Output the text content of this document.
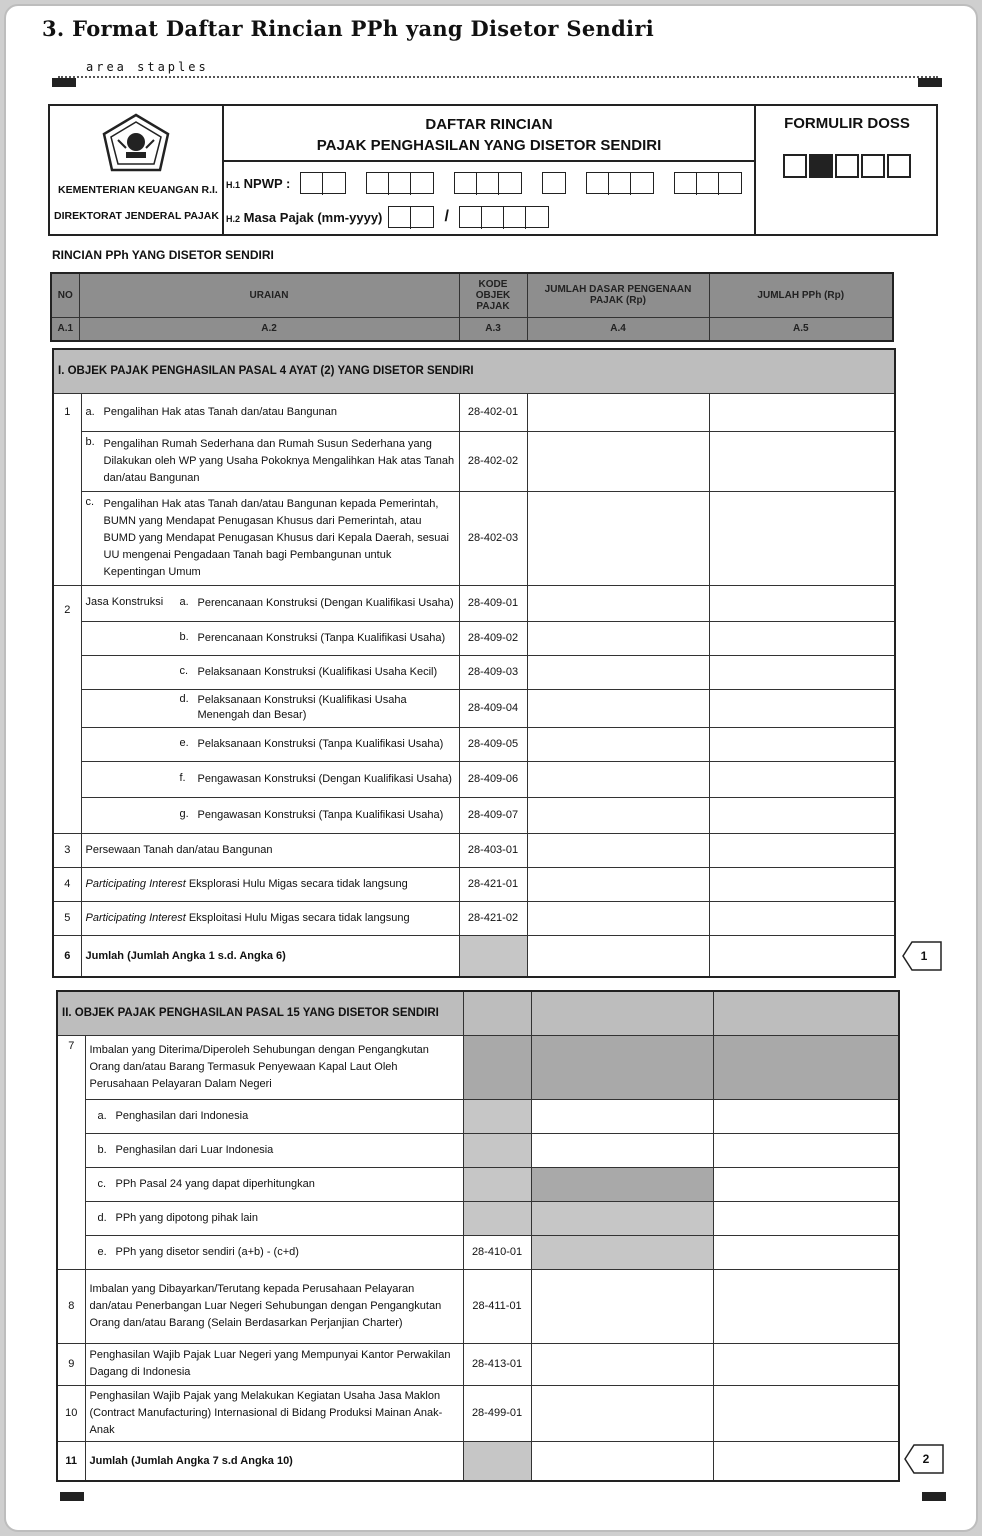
3. Format Daftar Rincian PPh yang Disetor Sendiri
area staples
KEMENTERIAN KEUANGAN R.I.
DIREKTORAT JENDERAL PAJAK
DAFTAR RINCIAN
PAJAK PENGHASILAN YANG DISETOR SENDIRI
H.1 NPWP :
H.2 Masa Pajak (mm-yyyy)	/
FORMULIR DOSS
RINCIAN PPh YANG DISETOR SENDIRI
NO	URAIAN	KODE OBJEK PAJAK	JUMLAH DASAR PENGENAAN PAJAK (Rp)	JUMLAH PPh (Rp)
A.1	A.2	A.3	A.4	A.5
I. OBJEK PAJAK PENGHASILAN PASAL 4 AYAT (2) YANG DISETOR SENDIRI				
1	a. Pengalihan Hak atas Tanah dan/atau Bangunan	28-402-01		

	b. Pengalihan Rumah Sederhana dan Rumah Susun Sederhana yang Dilakukan oleh WP yang Usaha Pokoknya Mengalihkan Hak atas Tanah dan/atau Bangunan	28-402-02		

	c. Pengalihan Hak atas Tanah dan/atau Bangunan kepada Pemerintah, BUMN yang Mendapat Penugasan Khusus dari Pemerintah, atau BUMD yang Mendapat Penugasan Khusus dari Kepala Daerah, sesuai UU mengenai Pengadaan Tanah bagi Pembangunan untuk Kepentingan Umum	28-402-03		
2	Jasa Konstruksi a. Perencanaan Konstruksi (Dengan Kualifikasi Usaha)	28-409-01		

	b. Perencanaan Konstruksi (Tanpa Kualifikasi Usaha)	28-409-02		

	c. Pelaksanaan Konstruksi (Kualifikasi Usaha Kecil)	28-409-03		

	d. Pelaksanaan Konstruksi (Kualifikasi Usaha Menengah dan Besar)	28-409-04		

	e. Pelaksanaan Konstruksi (Tanpa Kualifikasi Usaha)	28-409-05		

	f. Pengawasan Konstruksi (Dengan Kualifikasi Usaha)	28-409-06		

	g. Pengawasan Konstruksi (Tanpa Kualifikasi Usaha)	28-409-07		
3	Persewaan Tanah dan/atau Bangunan	28-403-01		
4	Participating Interest Eksplorasi Hulu Migas secara tidak langsung	28-421-01		
5	Participating Interest Eksploitasi Hulu Migas secara tidak langsung	28-421-02		
6	Jumlah (Jumlah Angka 1 s.d. Angka 6)				1
II. OBJEK PAJAK PENGHASILAN PASAL 15 YANG DISETOR SENDIRI				
7	Imbalan yang Diterima/Diperoleh Sehubungan dengan Pengangkutan Orang dan/atau Barang Termasuk Penyewaan Kapal Laut Oleh Perusahaan Pelayaran Dalam Negeri			
	a. Penghasilan dari Indonesia			
	b. Penghasilan dari Luar Indonesia			
	c. PPh Pasal 24 yang dapat diperhitungkan			
	d. PPh yang dipotong pihak lain			
	e. PPh yang disetor sendiri (a+b) - (c+d)	28-410-01		
8	Imbalan yang Dibayarkan/Terutang kepada Perusahaan Pelayaran dan/atau Penerbangan Luar Negeri Sehubungan dengan Pengangkutan Orang dan/atau Barang (Selain Berdasarkan Perjanjian Charter)	28-411-01		
9	Penghasilan Wajib Pajak Luar Negeri yang Mempunyai Kantor Perwakilan Dagang di Indonesia	28-413-01		
10	Penghasilan Wajib Pajak yang Melakukan Kegiatan Usaha Jasa Maklon (Contract Manufacturing) Internasional di Bidang Produksi Mainan Anak-Anak	28-499-01		
11	Jumlah (Jumlah Angka 7 s.d Angka 10)				2
